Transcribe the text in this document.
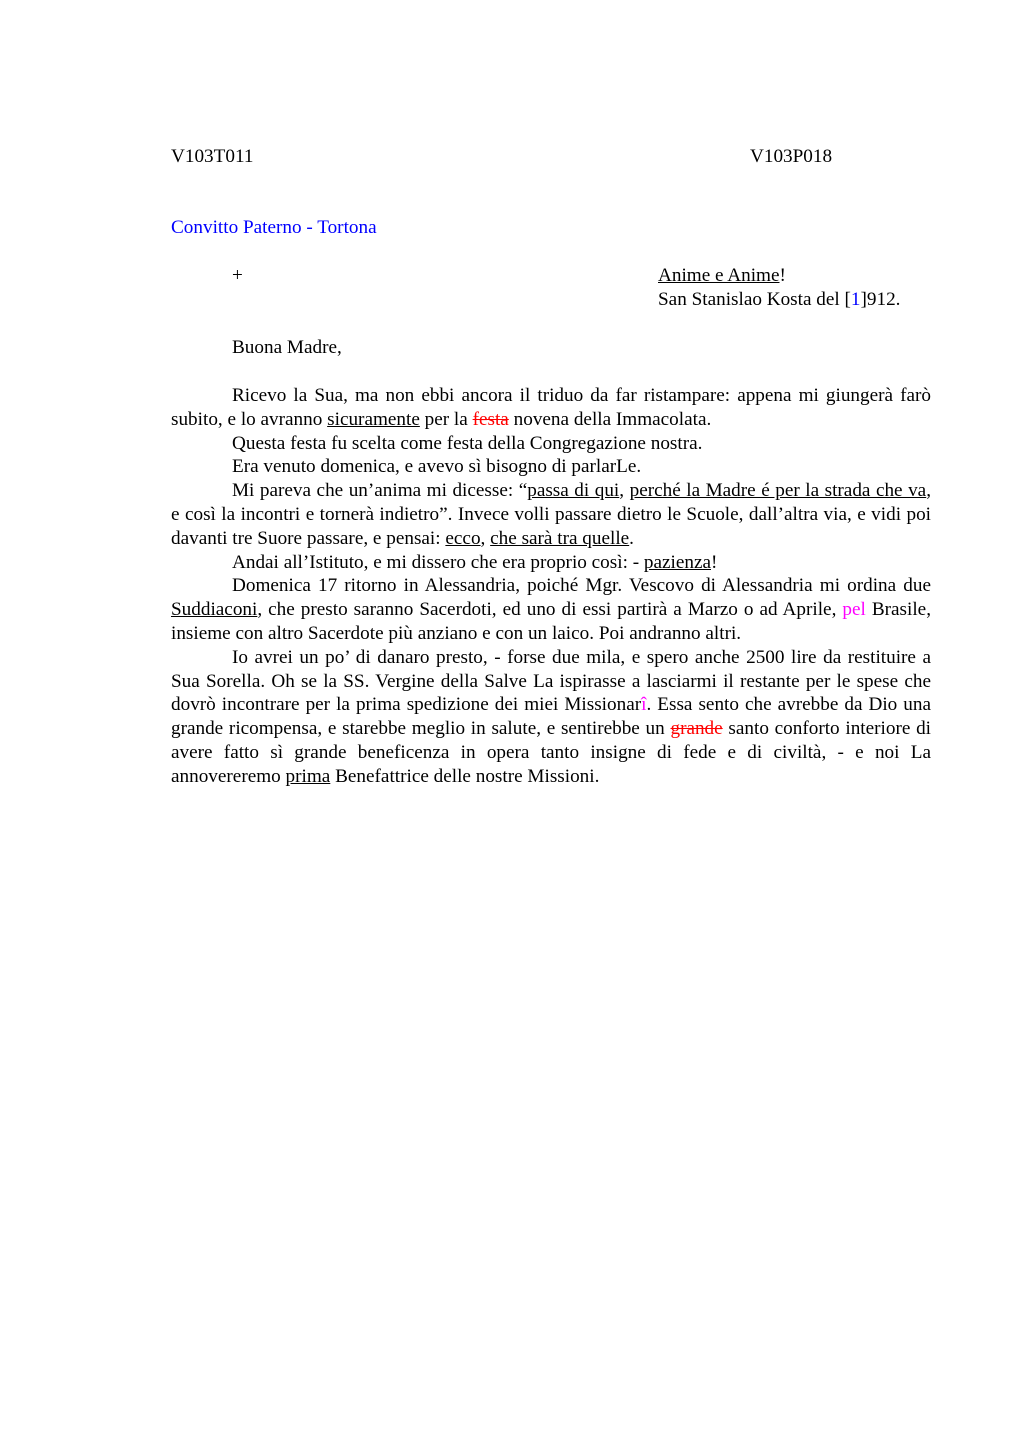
V103T011	V103P018
Convitto Paterno - Tortona
+	Anime e Anime!
San Stanislao Kosta del [1]912.
Buona Madre,

Ricevo la Sua, ma non ebbi ancora il triduo da far ristampare: appena mi giungerà farò subito, e lo avranno sicuramente per la festa novena della Immacolata.

Questa festa fu scelta come festa della Congregazione nostra.

Era venuto domenica, e avevo sì bisogno di parlarLe.

Mi pareva che un’anima mi dicesse: “passa di qui, perché la Madre é per la strada che va, e così la incontri e tornerà indietro”. Invece volli passare dietro le Scuole, dall’altra via, e vidi poi davanti tre Suore passare, e pensai: ecco, che sarà tra quelle.

Andai all’Istituto, e mi dissero che era proprio così: - pazienza!

Domenica 17 ritorno in Alessandria, poiché Mgr. Vescovo di Alessandria mi ordina due Suddiaconi, che presto saranno Sacerdoti, ed uno di essi partirà a Marzo o ad Aprile, pel Brasile, insieme con altro Sacerdote più anziano e con un laico. Poi andranno altri.

Io avrei un po’ di danaro presto, - forse due mila, e spero anche 2500 lire da restituire a Sua Sorella. Oh se la SS. Vergine della Salve La ispirasse a lasciarmi il restante per le spese che dovrò incontrare per la prima spedizione dei miei Missionarî. Essa sento che avrebbe da Dio una grande ricompensa, e starebbe meglio in salute, e sentirebbe un grande santo conforto interiore di avere fatto sì grande beneficenza in opera tanto insigne di fede e di civiltà, - e noi La annovereremo prima Benefattrice delle nostre Missioni.
